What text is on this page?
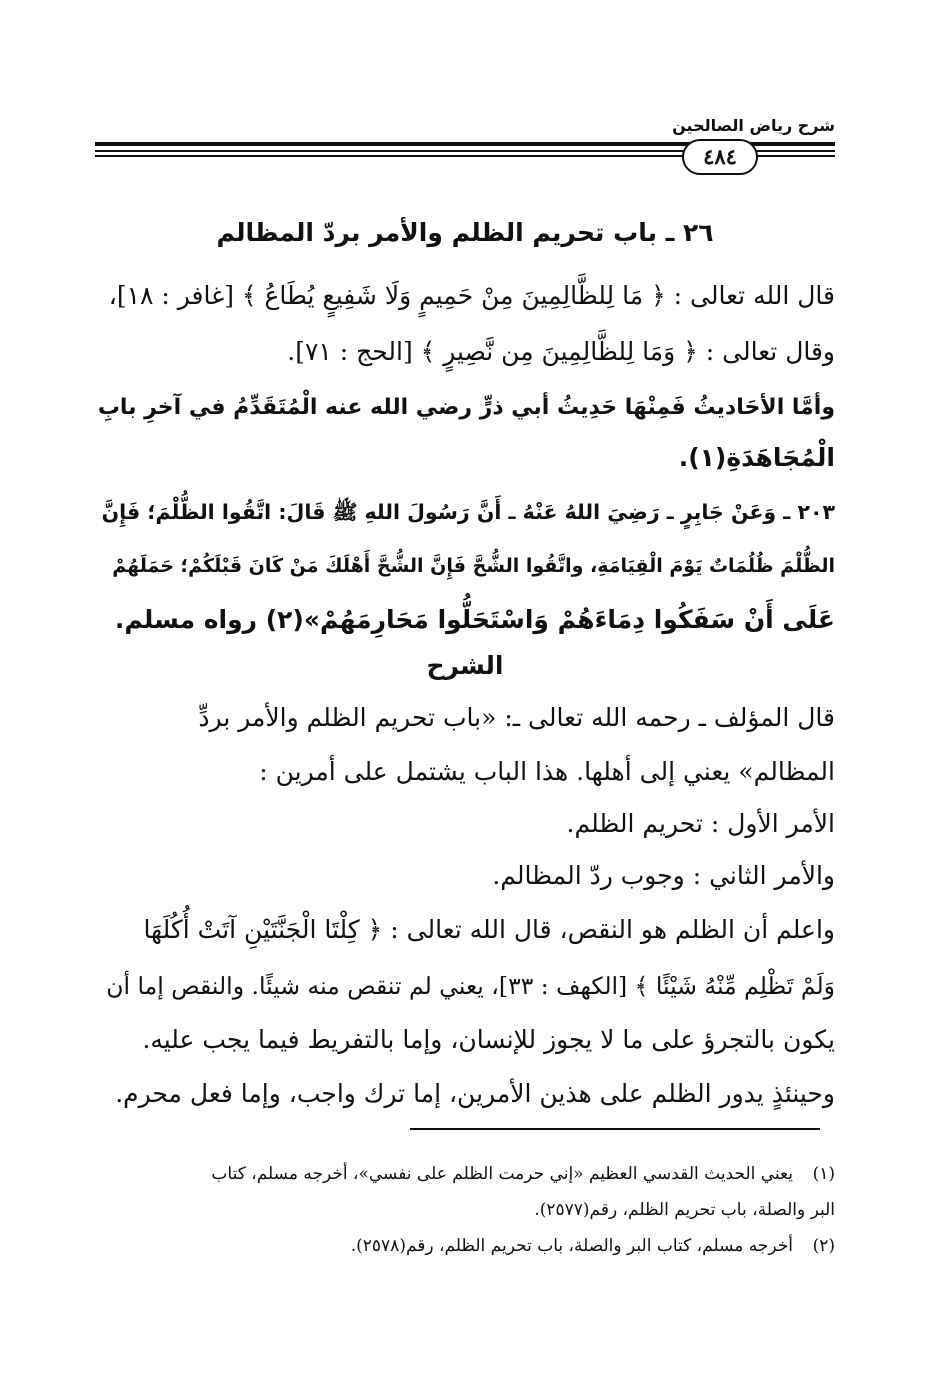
شرح رياض الصالحين
٤٨٤
٢٦ ـ باب تحريم الظلم والأمر بردّ المظالم
قال الله تعالى : ﴿ مَا لِلظَّالِمِينَ مِنْ حَمِيمٍ وَلَا شَفِيعٍ يُطَاعُ ﴾ [غافر : ١٨]،
وقال تعالى : ﴿ وَمَا لِلظَّالِمِينَ مِن نَّصِيرٍ ﴾ [الحج : ٧١].
وأمَّا الأحَاديثُ فَمِنْهَا حَدِيثُ أبي ذرٍّ رضي الله عنه الْمُتَقَدِّمُ في آخرِ بابِ
الْمُجَاهَدَةِ(١).
٢٠٣ ـ وَعَنْ جَابِرٍ ـ رَضِيَ اللهُ عَنْهُ ـ أَنَّ رَسُولَ اللهِ ﷺ قَالَ: اتَّقُوا الظُّلْمَ؛ فَإِنَّ
الظُّلْمَ ظُلُمَاتٌ يَوْمَ الْقِيَامَةِ، واتَّقُوا الشُّحَّ فَإِنَّ الشُّحَّ أَهْلَكَ مَنْ كَانَ قَبْلَكُمْ؛ حَمَلَهُمْ
عَلَى أَنْ سَفَكُوا دِمَاءَهُمْ وَاسْتَحَلُّوا مَحَارِمَهُمْ»(٢) رواه مسلم.
الشرح
قال المؤلف ـ رحمه الله تعالى ـ: «باب تحريم الظلم والأمر بردِّ
المظالم» يعني إلى أهلها. هذا الباب يشتمل على أمرين :
الأمر الأول : تحريم الظلم.
والأمر الثاني : وجوب ردّ المظالم.
واعلم أن الظلم هو النقص، قال الله تعالى : ﴿ كِلْتَا الْجَنَّتَيْنِ آتَتْ أُكُلَهَا
وَلَمْ تَظْلِم مِّنْهُ شَيْئًا ﴾ [الكهف : ٣٣]، يعني لم تنقص منه شيئًا. والنقص إما أن
يكون بالتجرؤ على ما لا يجوز للإنسان، وإما بالتفريط فيما يجب عليه.
وحينئذٍ يدور الظلم على هذين الأمرين، إما ترك واجب، وإما فعل محرم.
(١)يعني الحديث القدسي العظيم «إني حرمت الظلم على نفسي»، أخرجه مسلم، كتاب
البر والصلة، باب تحريم الظلم، رقم(٢٥٧٧).
(٢)أخرجه مسلم، كتاب البر والصلة، باب تحريم الظلم، رقم(٢٥٧٨).
